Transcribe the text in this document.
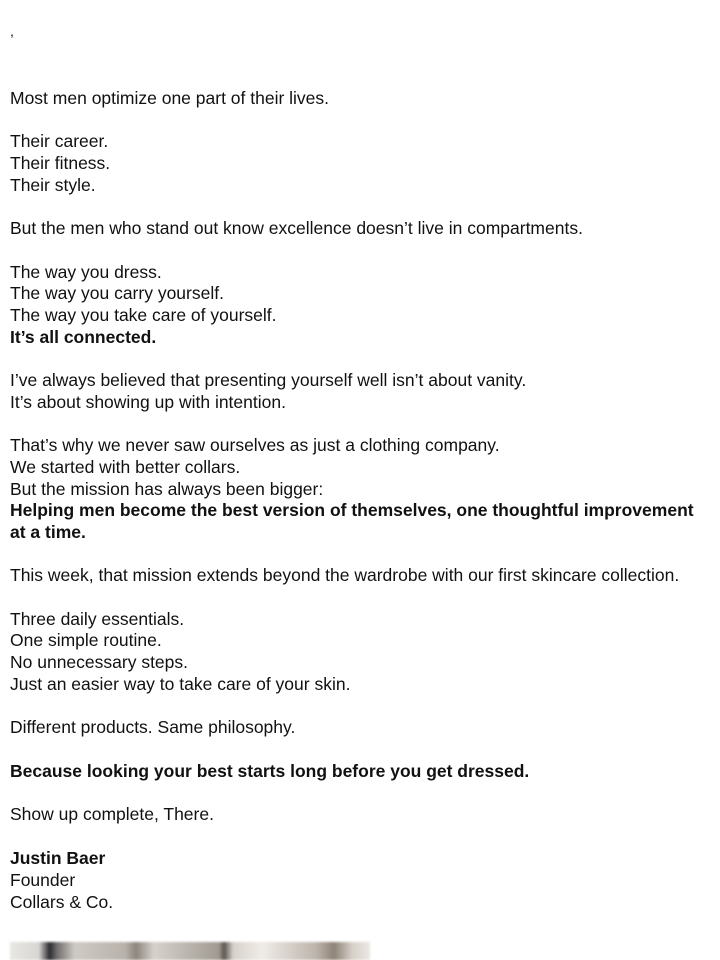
,
Most men optimize one part of their lives.
Their career.
Their fitness.
Their style.
But the men who stand out know excellence doesn’t live in compartments.
The way you dress.
The way you carry yourself.
The way you take care of yourself.
It’s all connected.
I’ve always believed that presenting yourself well isn’t about vanity.
It’s about showing up with intention.
That’s why we never saw ourselves as just a clothing company.
We started with better collars.
But the mission has always been bigger:
Helping men become the best version of themselves, one thoughtful improvement at a time.
This week, that mission extends beyond the wardrobe with our first skincare collection.
Three daily essentials.
One simple routine.
No unnecessary steps.
Just an easier way to take care of your skin.
Different products. Same philosophy.
Because looking your best starts long before you get dressed.
Show up complete, There.
Justin Baer
Founder
Collars & Co.
